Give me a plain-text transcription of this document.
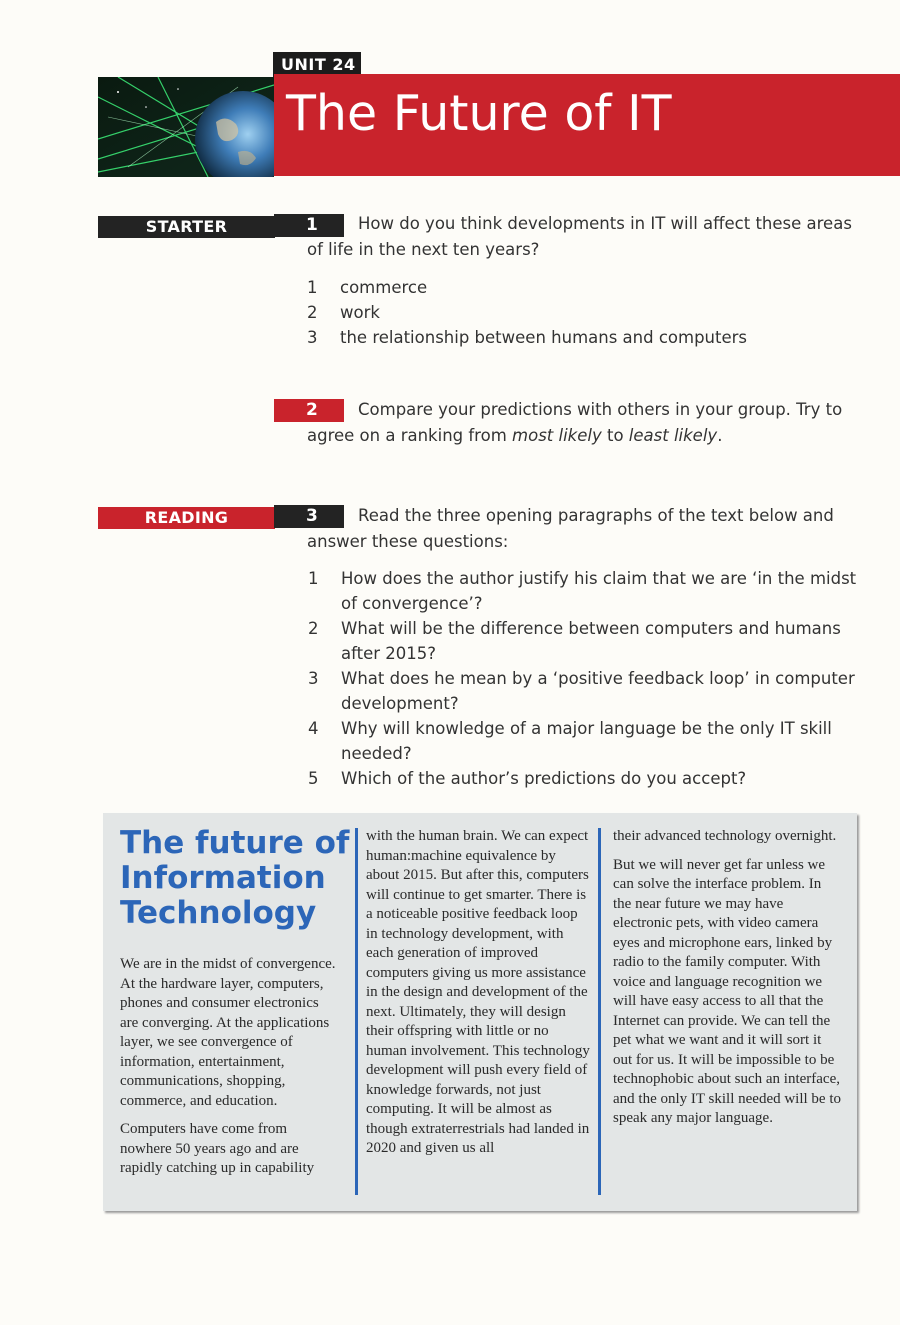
UNIT 24
The Future of IT
STARTER	1	How do you think developments in IT will affect these areas of life in the next ten years?
1	commerce
2	work
3	the relationship between humans and computers
2	Compare your predictions with others in your group. Try to agree on a ranking from most likely to least likely.
READING	3	Read the three opening paragraphs of the text below and answer these questions:
1	How does the author justify his claim that we are ‘in the midst of convergence’?
2	What will be the difference between computers and humans after 2015?
3	What does he mean by a ‘positive feedback loop’ in computer development?
4	Why will knowledge of a major language be the only IT skill needed?
5	Which of the author’s predictions do you accept?
The future of Information Technology

We are in the midst of convergence. At the hardware layer, computers, phones and consumer electronics are converging. At the applications layer, we see convergence of information, entertainment, communications, shopping, commerce, and education.

Computers have come from nowhere 50 years ago and are rapidly catching up in capability

with the human brain. We can expect human:machine equivalence by about 2015. But after this, computers will continue to get smarter. There is a noticeable positive feedback loop in technology development, with each generation of improved computers giving us more assistance in the design and development of the next. Ultimately, they will design their offspring with little or no human involvement. This technology development will push every field of knowledge forwards, not just computing. It will be almost as though extraterrestrials had landed in 2020 and given us all

their advanced technology overnight.

But we will never get far unless we can solve the interface problem. In the near future we may have electronic pets, with video camera eyes and microphone ears, linked by radio to the family computer. With voice and language recognition we will have easy access to all that the Internet can provide. We can tell the pet what we want and it will sort it out for us. It will be impossible to be technophobic about such an interface, and the only IT skill needed will be to speak any major language.
